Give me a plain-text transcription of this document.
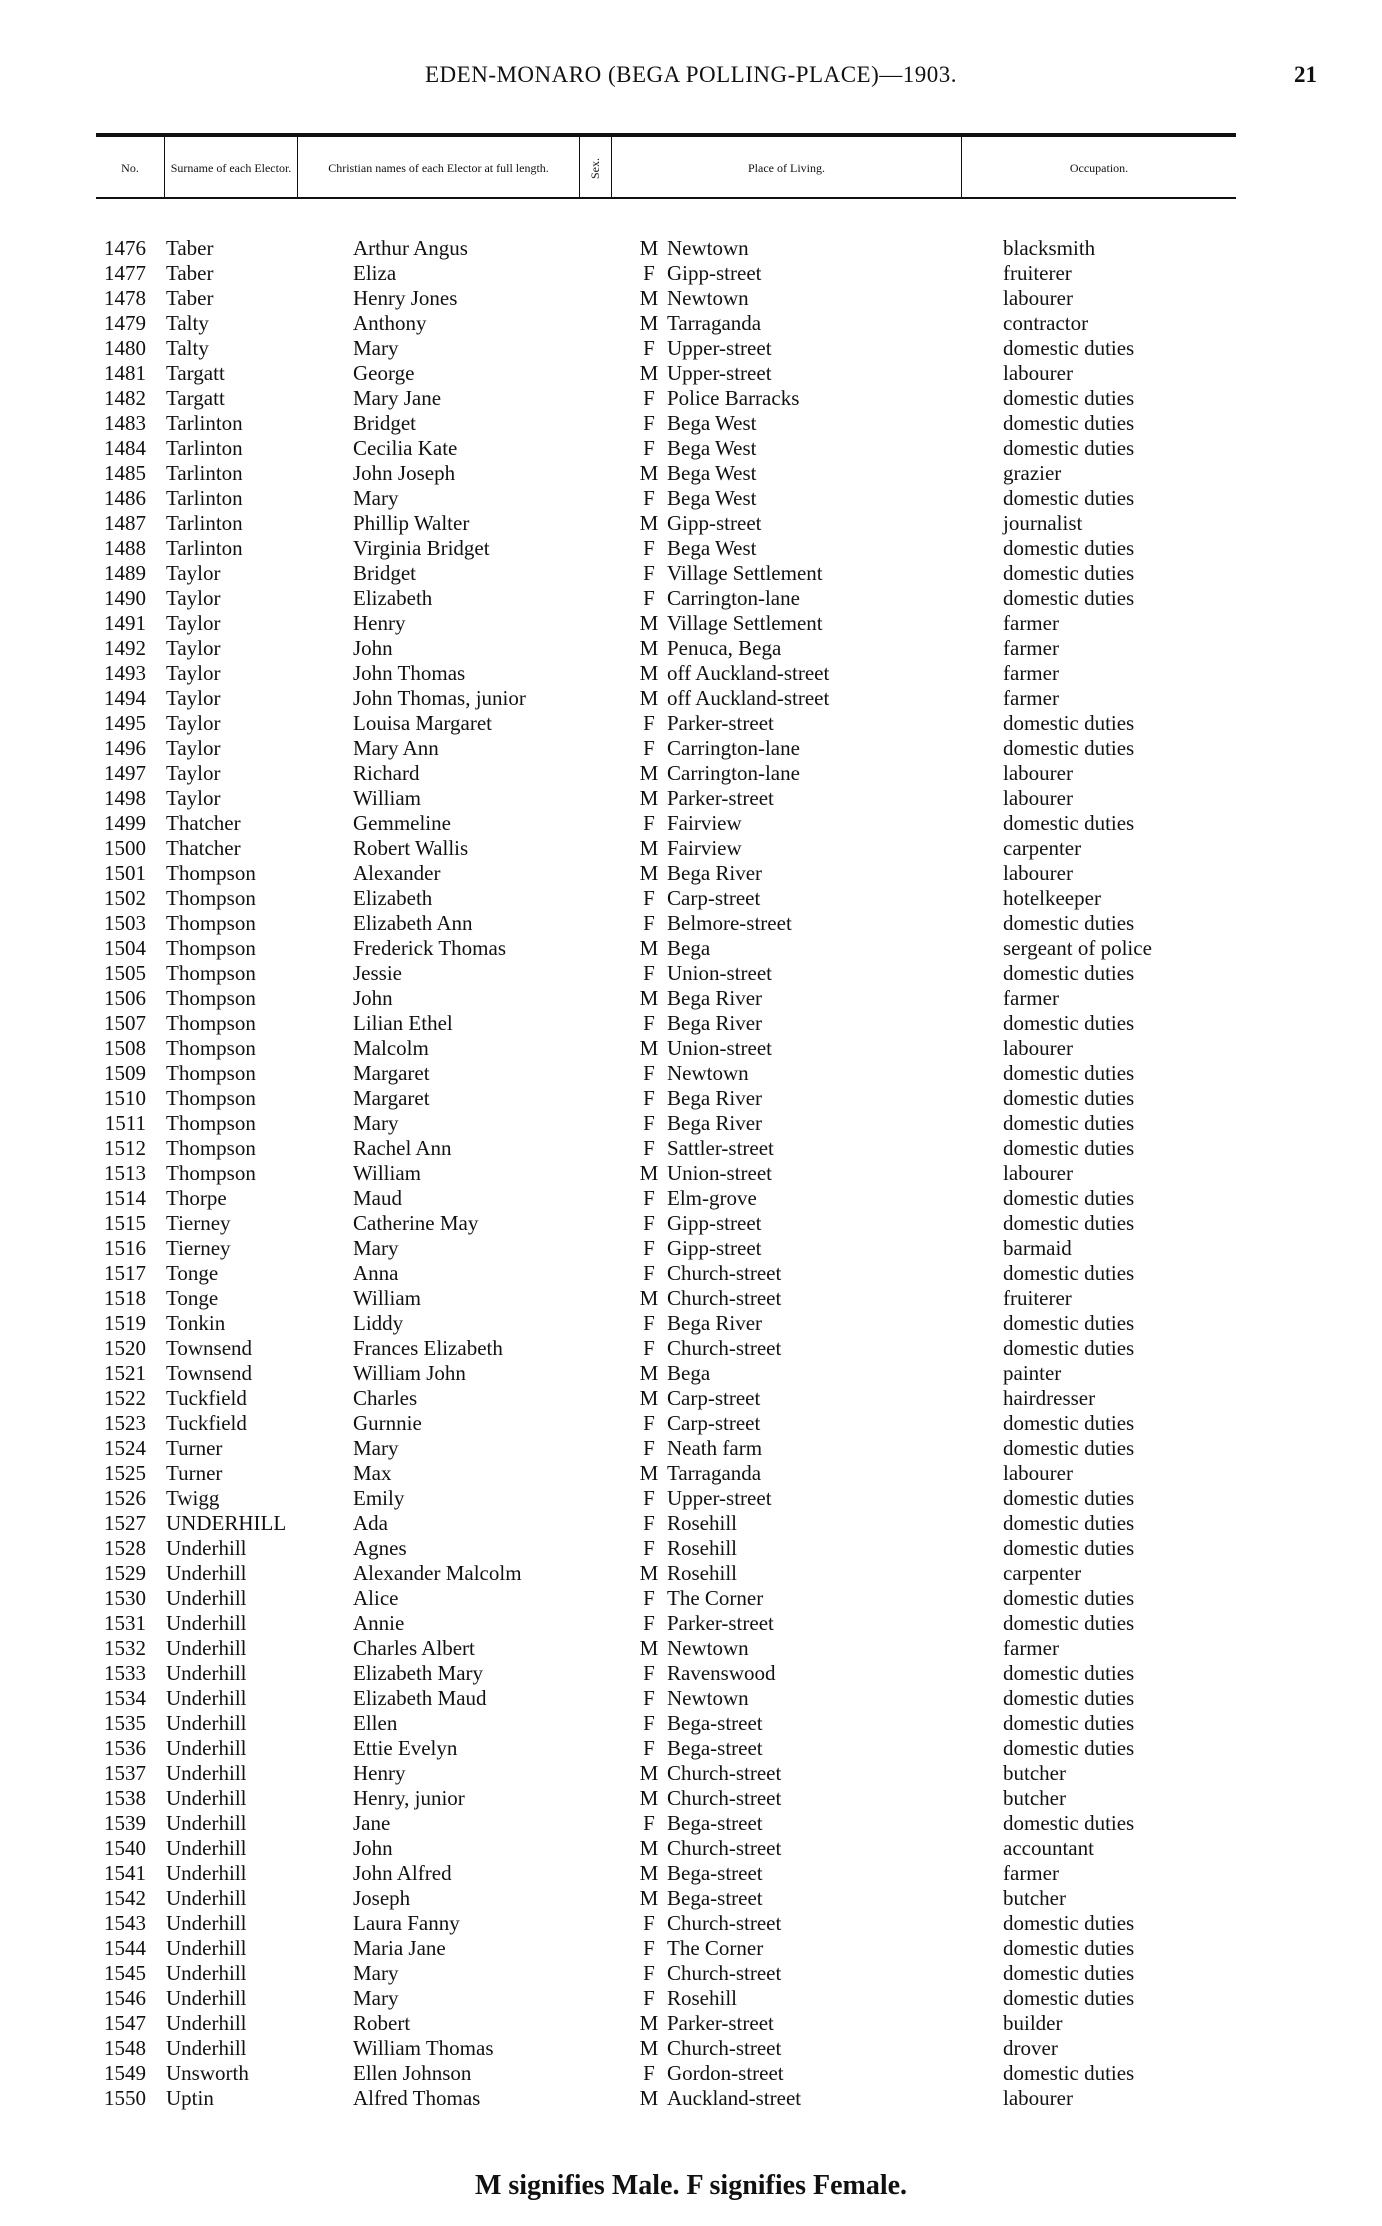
EDEN-MONARO (BEGA POLLING-PLACE)—1903.	21
No.	Surname of each Elector.	Christian names of each Elector at full length.	Sex.	Place of Living.	Occupation.
1476 Taber	Arthur Angus	M Newtown	blacksmith
1477 Taber	Eliza	F Gipp-street	fruiterer
1478 Taber	Henry Jones	M Newtown	labourer
1479 Talty	Anthony	M Tarraganda	contractor
1480 Talty	Mary	F Upper-street	domestic duties
1481 Targatt	George	M Upper-street	labourer
1482 Targatt	Mary Jane	F Police Barracks	domestic duties
1483 Tarlinton	Bridget	F Bega West	domestic duties
1484 Tarlinton	Cecilia Kate	F Bega West	domestic duties
1485 Tarlinton	John Joseph	M Bega West	grazier
1486 Tarlinton	Mary	F Bega West	domestic duties
1487 Tarlinton	Phillip Walter	M Gipp-street	journalist
1488 Tarlinton	Virginia Bridget	F Bega West	domestic duties
1489 Taylor	Bridget	F Village Settlement	domestic duties
1490 Taylor	Elizabeth	F Carrington-lane	domestic duties
1491 Taylor	Henry	M Village Settlement	farmer
1492 Taylor	John	M Penuca, Bega	farmer
1493 Taylor	John Thomas	M off Auckland-street	farmer
1494 Taylor	John Thomas, junior	M off Auckland-street	farmer
1495 Taylor	Louisa Margaret	F Parker-street	domestic duties
1496 Taylor	Mary Ann	F Carrington-lane	domestic duties
1497 Taylor	Richard	M Carrington-lane	labourer
1498 Taylor	William	M Parker-street	labourer
1499 Thatcher	Gemmeline	F Fairview	domestic duties
1500 Thatcher	Robert Wallis	M Fairview	carpenter
1501 Thompson	Alexander	M Bega River	labourer
1502 Thompson	Elizabeth	F Carp-street	hotelkeeper
1503 Thompson	Elizabeth Ann	F Belmore-street	domestic duties
1504 Thompson	Frederick Thomas	M Bega	sergeant of police
1505 Thompson	Jessie	F Union-street	domestic duties
1506 Thompson	John	M Bega River	farmer
1507 Thompson	Lilian Ethel	F Bega River	domestic duties
1508 Thompson	Malcolm	M Union-street	labourer
1509 Thompson	Margaret	F Newtown	domestic duties
1510 Thompson	Margaret	F Bega River	domestic duties
1511 Thompson	Mary	F Bega River	domestic duties
1512 Thompson	Rachel Ann	F Sattler-street	domestic duties
1513 Thompson	William	M Union-street	labourer
1514 Thorpe	Maud	F Elm-grove	domestic duties
1515 Tierney	Catherine May	F Gipp-street	domestic duties
1516 Tierney	Mary	F Gipp-street	barmaid
1517 Tonge	Anna	F Church-street	domestic duties
1518 Tonge	William	M Church-street	fruiterer
1519 Tonkin	Liddy	F Bega River	domestic duties
1520 Townsend	Frances Elizabeth	F Church-street	domestic duties
1521 Townsend	William John	M Bega	painter
1522 Tuckfield	Charles	M Carp-street	hairdresser
1523 Tuckfield	Gurnnie	F Carp-street	domestic duties
1524 Turner	Mary	F Neath farm	domestic duties
1525 Turner	Max	M Tarraganda	labourer
1526 Twigg	Emily	F Upper-street	domestic duties
1527 UNDERHILL	Ada	F Rosehill	domestic duties
1528 Underhill	Agnes	F Rosehill	domestic duties
1529 Underhill	Alexander Malcolm	M Rosehill	carpenter
1530 Underhill	Alice	F The Corner	domestic duties
1531 Underhill	Annie	F Parker-street	domestic duties
1532 Underhill	Charles Albert	M Newtown	farmer
1533 Underhill	Elizabeth Mary	F Ravenswood	domestic duties
1534 Underhill	Elizabeth Maud	F Newtown	domestic duties
1535 Underhill	Ellen	F Bega-street	domestic duties
1536 Underhill	Ettie Evelyn	F Bega-street	domestic duties
1537 Underhill	Henry	M Church-street	butcher
1538 Underhill	Henry, junior	M Church-street	butcher
1539 Underhill	Jane	F Bega-street	domestic duties
1540 Underhill	John	M Church-street	accountant
1541 Underhill	John Alfred	M Bega-street	farmer
1542 Underhill	Joseph	M Bega-street	butcher
1543 Underhill	Laura Fanny	F Church-street	domestic duties
1544 Underhill	Maria Jane	F The Corner	domestic duties
1545 Underhill	Mary	F Church-street	domestic duties
1546 Underhill	Mary	F Rosehill	domestic duties
1547 Underhill	Robert	M Parker-street	builder
1548 Underhill	William Thomas	M Church-street	drover
1549 Unsworth	Ellen Johnson	F Gordon-street	domestic duties
1550 Uptin	Alfred Thomas	M Auckland-street	labourer
M signifies Male. F signifies Female.
